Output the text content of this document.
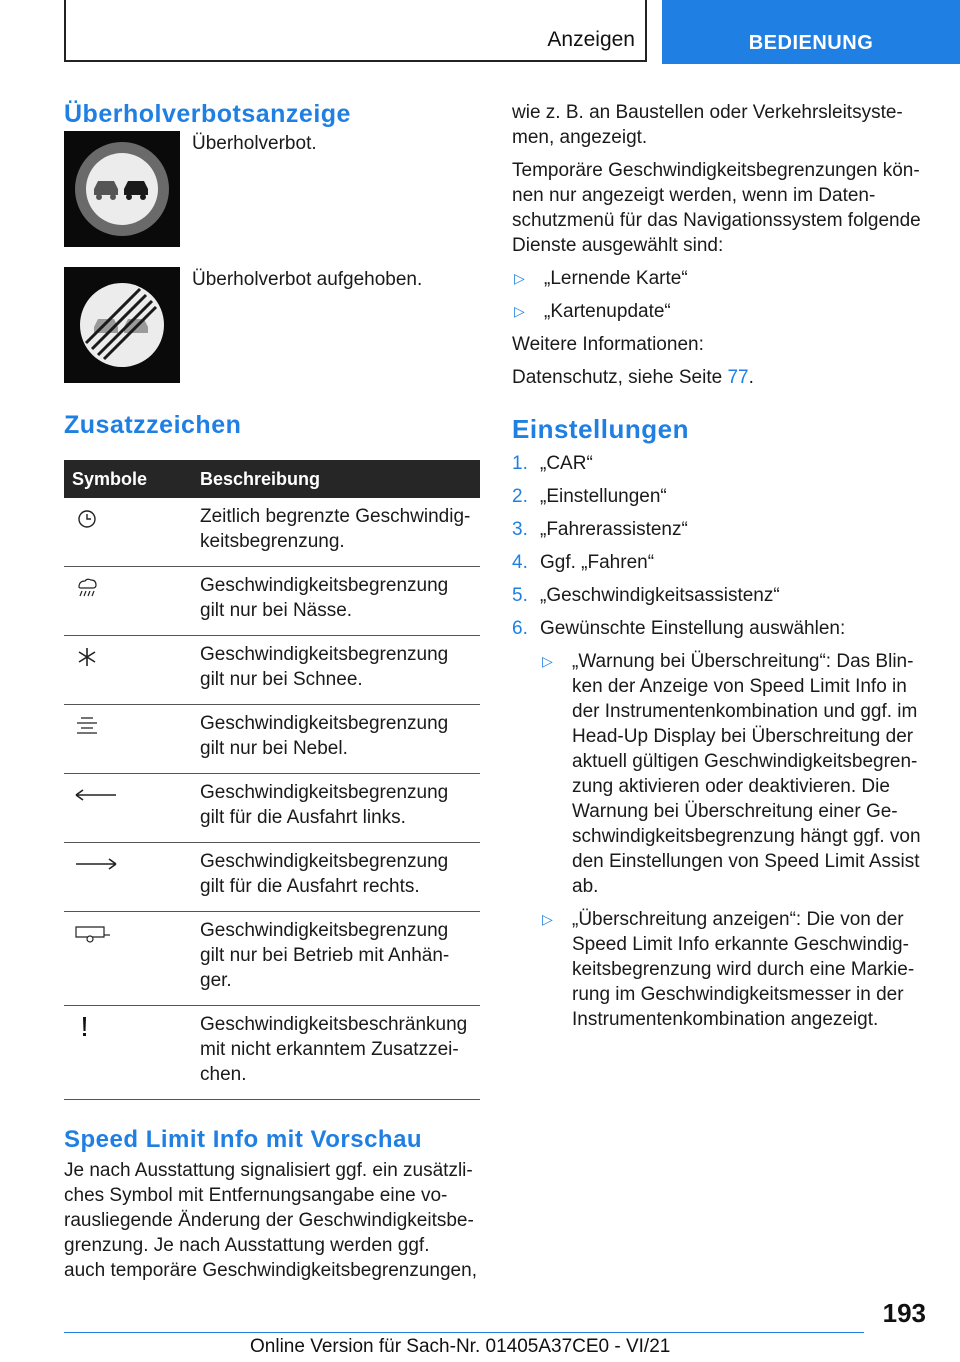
Anzeigen	BEDIENUNG
Überholverbotsanzeige
Überholverbot.
Überholverbot aufgehoben.
Zusatzzeichen
Symbole	Beschreibung

Zeitlich begrenzte Geschwindig-
keitsbegrenzung.

Geschwindigkeitsbegrenzung
gilt nur bei Nässe.

Geschwindigkeitsbegrenzung
gilt nur bei Schnee.

Geschwindigkeitsbegrenzung
gilt nur bei Nebel.

Geschwindigkeitsbegrenzung
gilt für die Ausfahrt links.

Geschwindigkeitsbegrenzung
gilt für die Ausfahrt rechts.

Geschwindigkeitsbegrenzung
gilt nur bei Betrieb mit Anhän-
ger.

Geschwindigkeitsbeschränkung
mit nicht erkanntem Zusatzzei-
chen.
Speed Limit Info mit Vorschau

Je nach Ausstattung signalisiert ggf. ein zusätzli-

ches Symbol mit Entfernungsangabe eine vo-

rausliegende Änderung der Geschwindigkeitsbe-

grenzung. Je nach Ausstattung werden ggf.

auch temporäre Geschwindigkeitsbegrenzungen,

wie z. B. an Baustellen oder Verkehrsleitsyste-

men, angezeigt.

Temporäre Geschwindigkeitsbegrenzungen kön-

nen nur angezeigt werden, wenn im Daten-

schutzmenü für das Navigationssystem folgende

Dienste ausgewählt sind:

▷	„Lernende Karte“
▷	„Kartenupdate“

Weitere Informationen:

Datenschutz, siehe Seite 77.

Einstellungen
1. „CAR“
2. „Einstellungen“
3. „Fahrerassistenz“
4. Ggf. „Fahren“
5. „Geschwindigkeitsassistenz“
6. Gewünschte Einstellung auswählen:
▷	„Warnung bei Überschreitung“: Das Blin-
ken der Anzeige von Speed Limit Info in
der Instrumentenkombination und ggf. im
Head-Up Display bei Überschreitung der
aktuell gültigen Geschwindigkeitsbegren-
zung aktivieren oder deaktivieren. Die
Warnung bei Überschreitung einer Ge-
schwindigkeitsbegrenzung hängt ggf. von
den Einstellungen von Speed Limit Assist
ab.
▷	„Überschreitung anzeigen“: Die von der
Speed Limit Info erkannte Geschwindig-
keitsbegrenzung wird durch eine Markie-
rung im Geschwindigkeitsmesser in der
Instrumentenkombination angezeigt.
193
Online Version für Sach-Nr. 01405A37CE0 - VI/21
